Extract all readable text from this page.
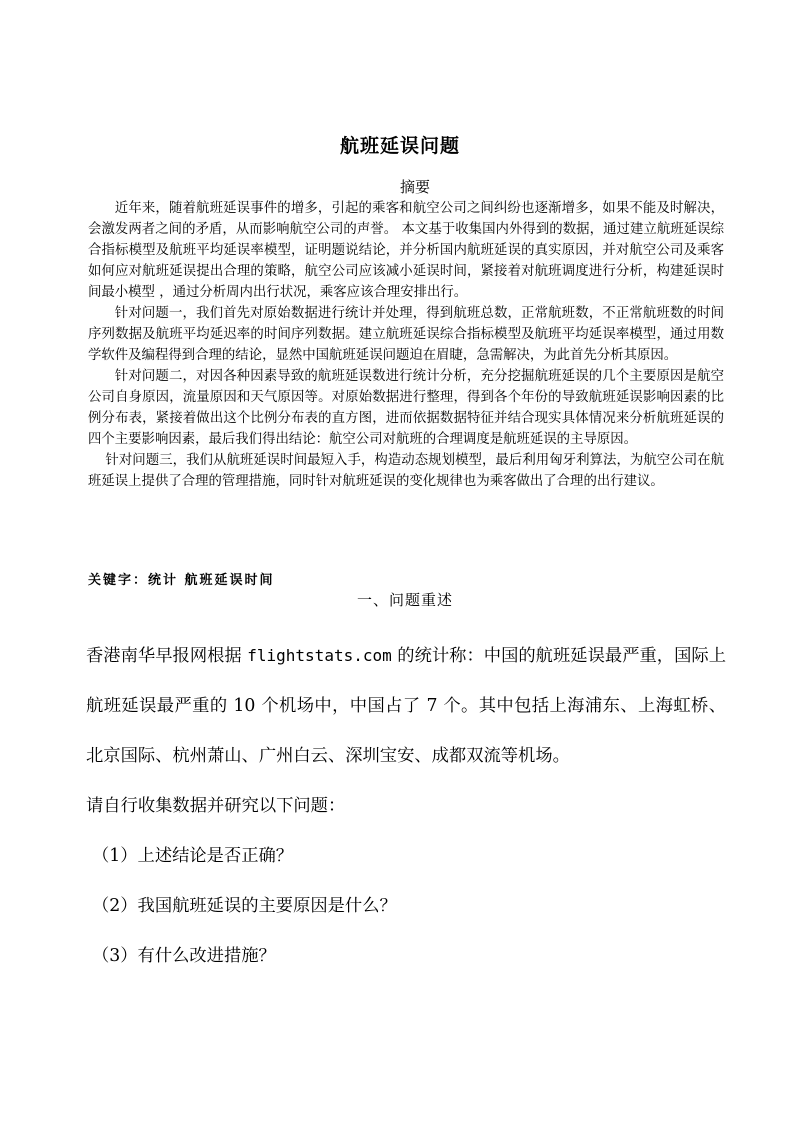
航班延误问题
摘要

近年来，随着航班延误事件的增多，引起的乘客和航空公司之间纠纷也逐渐增多，如果不能及时解决，会激发两者之间的矛盾，从而影响航空公司的声誉。 本文基于收集国内外得到的数据，通过建立航班延误综合指标模型及航班平均延误率模型，证明题说结论，并分析国内航班延误的真实原因，并对航空公司及乘客如何应对航班延误提出合理的策略，航空公司应该减小延误时间，紧接着对航班调度进行分析，构建延误时间最小模型 ，通过分析周内出行状况，乘客应该合理安排出行。

针对问题一，我们首先对原始数据进行统计并处理，得到航班总数，正常航班数，不正常航班数的时间序列数据及航班平均延迟率的时间序列数据。建立航班延误综合指标模型及航班平均延误率模型，通过用数学软件及编程得到合理的结论，显然中国航班延误问题迫在眉睫，急需解决，为此首先分析其原因。

针对问题二，对因各种因素导致的航班延误数进行统计分析，充分挖掘航班延误的几个主要原因是航空公司自身原因，流量原因和天气原因等。对原始数据进行整理，得到各个年份的导致航班延误影响因素的比例分布表，紧接着做出这个比例分布表的直方图，进而依据数据特征并结合现实具体情况来分析航班延误的四个主要影响因素，最后我们得出结论：航空公司对航班的合理调度是航班延误的主导原因。

针对问题三，我们从航班延误时间最短入手，构造动态规划模型，最后利用匈牙利算法，为航空公司在航班延误上提供了合理的管理措施，同时针对航班延误的变化规律也为乘客做出了合理的出行建议。

关键字：统计 航班延误时间
一、问题重述

香港南华早报网根据 flightstats.com 的统计称：中国的航班延误最严重，国际上航班延误最严重的 10 个机场中，中国占了 7 个。其中包括上海浦东、上海虹桥、北京国际、杭州萧山、广州白云、深圳宝安、成都双流等机场。

请自行收集数据并研究以下问题：

（1）上述结论是否正确？

（2）我国航班延误的主要原因是什么？

（3）有什么改进措施？
